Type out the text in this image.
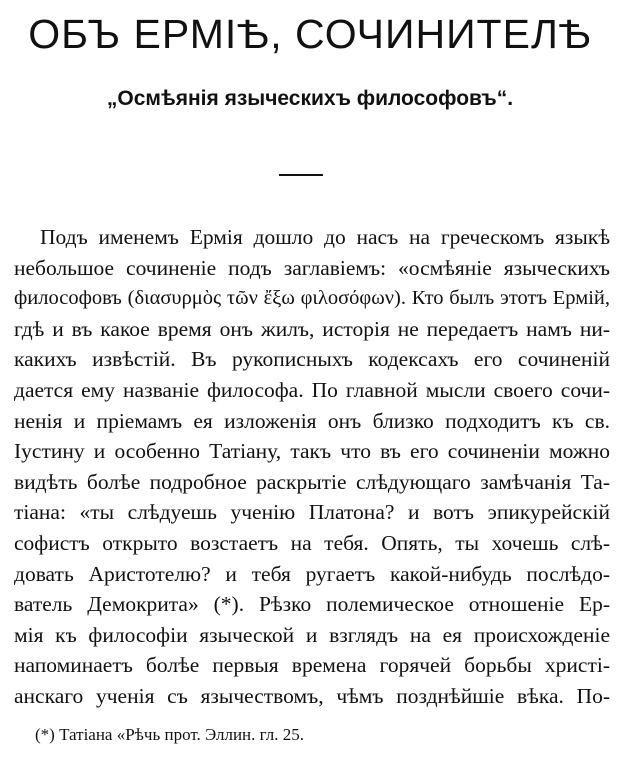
ОБЪ ЕРМІѢ, СОЧИНИТЕЛѢ
„Осмѣянія языческихъ философовъ“.
Подъ именемъ Ермія дошло до насъ на греческомъ языкѣ
небольшое сочиненіе подъ заглавіемъ: «осмѣяніе языческихъ
философовъ (διασυρμὸς τῶν ἔξω φιλοσόφων). Кто былъ этотъ Ермій,
гдѣ и въ какое время онъ жилъ, исторія не передаетъ намъ ни-
какихъ извѣстій. Въ рукописныхъ кодексахъ его сочиненій
дается ему названіе философа. По главной мысли своего сочи-
ненія и пріемамъ ея изложенія онъ близко подходитъ къ св.
Іустину и особенно Татіану, такъ что въ его сочиненіи можно
видѣть болѣе подробное раскрытіе слѣдующаго замѣчанія Та-
тіана: «ты слѣдуешь ученію Платона? и вотъ эпикурейскій
софистъ открыто возстаетъ на тебя. Опять, ты хочешь слѣ-
довать Аристотелю? и тебя ругаетъ какой-нибудь послѣдо-
ватель Демокрита» (*). Рѣзко полемическое отношеніе Ер-
мія къ философіи языческой и взглядъ на ея происхожденіе
напоминаетъ болѣе первыя времена горячей борьбы христі-
анскаго ученія съ язычествомъ, чѣмъ позднѣйшіе вѣка. По-
(*) Татіана «Рѣчь прот. Эллин. гл. 25.
